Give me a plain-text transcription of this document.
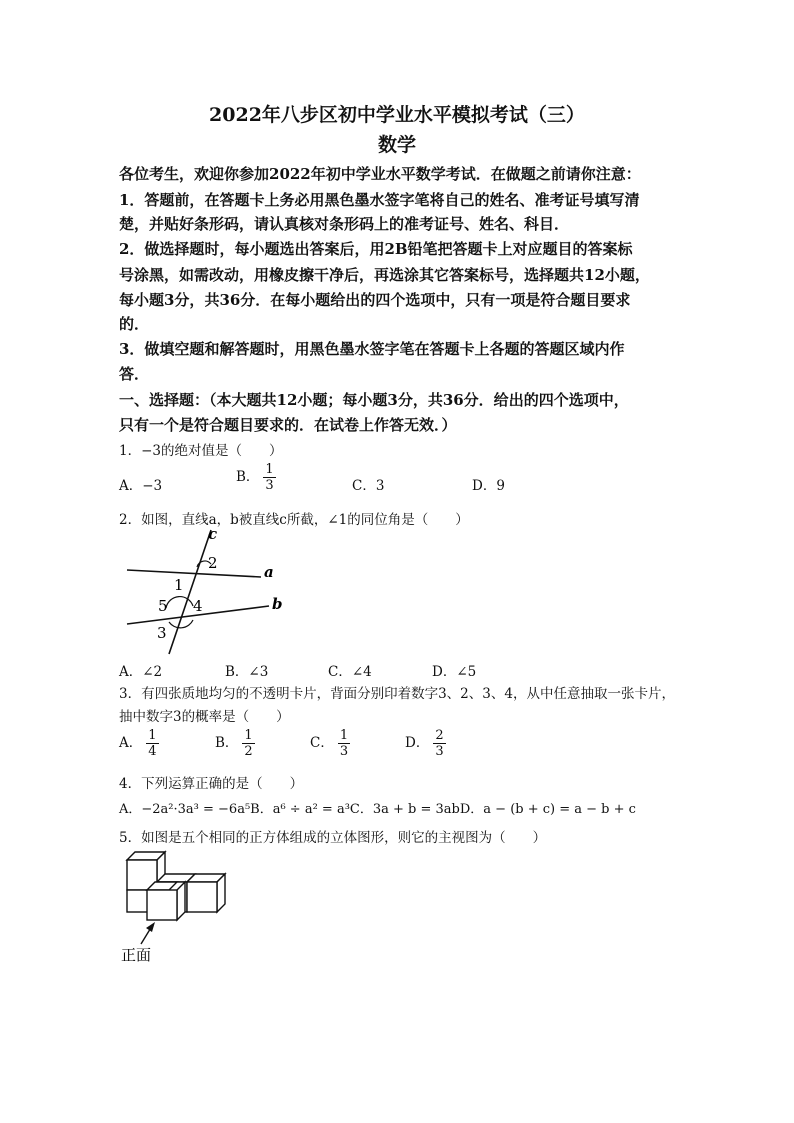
2022年八步区初中学业水平模拟考试（三）
数学
各位考生，欢迎你参加2022年初中学业水平数学考试．在做题之前请你注意：
1．答题前，在答题卡上务必用黑色墨水签字笔将自己的姓名、准考证号填写清
楚，并贴好条形码，请认真核对条形码上的准考证号、姓名、科目．
2．做选择题时，每小题选出答案后，用2B铅笔把答题卡上对应题目的答案标
号涂黑，如需改动，用橡皮擦干净后，再选涂其它答案标号，选择题共12小题，
每小题3分，共36分．在每小题给出的四个选项中，只有一项是符合题目要求
的．
3．做填空题和解答题时，用黑色墨水签字笔在答题卡上各题的答题区域内作
答．
一、选择题：（本大题共12小题；每小题3分，共36分．给出的四个选项中，
只有一个是符合题目要求的．在试卷上作答无效．）
1．−3的绝对值是（　　）
A．−3
B． $\frac{1}{3}$	C．3	D．9
2．如图，直线a，b被直线c所截，∠1的同位角是（　　）
c
a
b
2
1
5 4
3
A．∠2	B．∠3	C．∠4	D．∠5
3．有四张质地均匀的不透明卡片，背面分别印着数字3、2、3、4，从中任意抽取一张卡片，
抽中数字3的概率是（　　）
A． $\frac{1}{4}$	B． $\frac{1}{2}$	C． $\frac{1}{3}$	D． $\frac{2}{3}$
4．下列运算正确的是（　　）
A．−2a²·3a³ = −6a⁵B．a⁶ ÷ a² = a³C．3a + b = 3abD．a − (b + c) = a − b + c
5．如图是五个相同的正方体组成的立体图形，则它的主视图为（　　）
正面
